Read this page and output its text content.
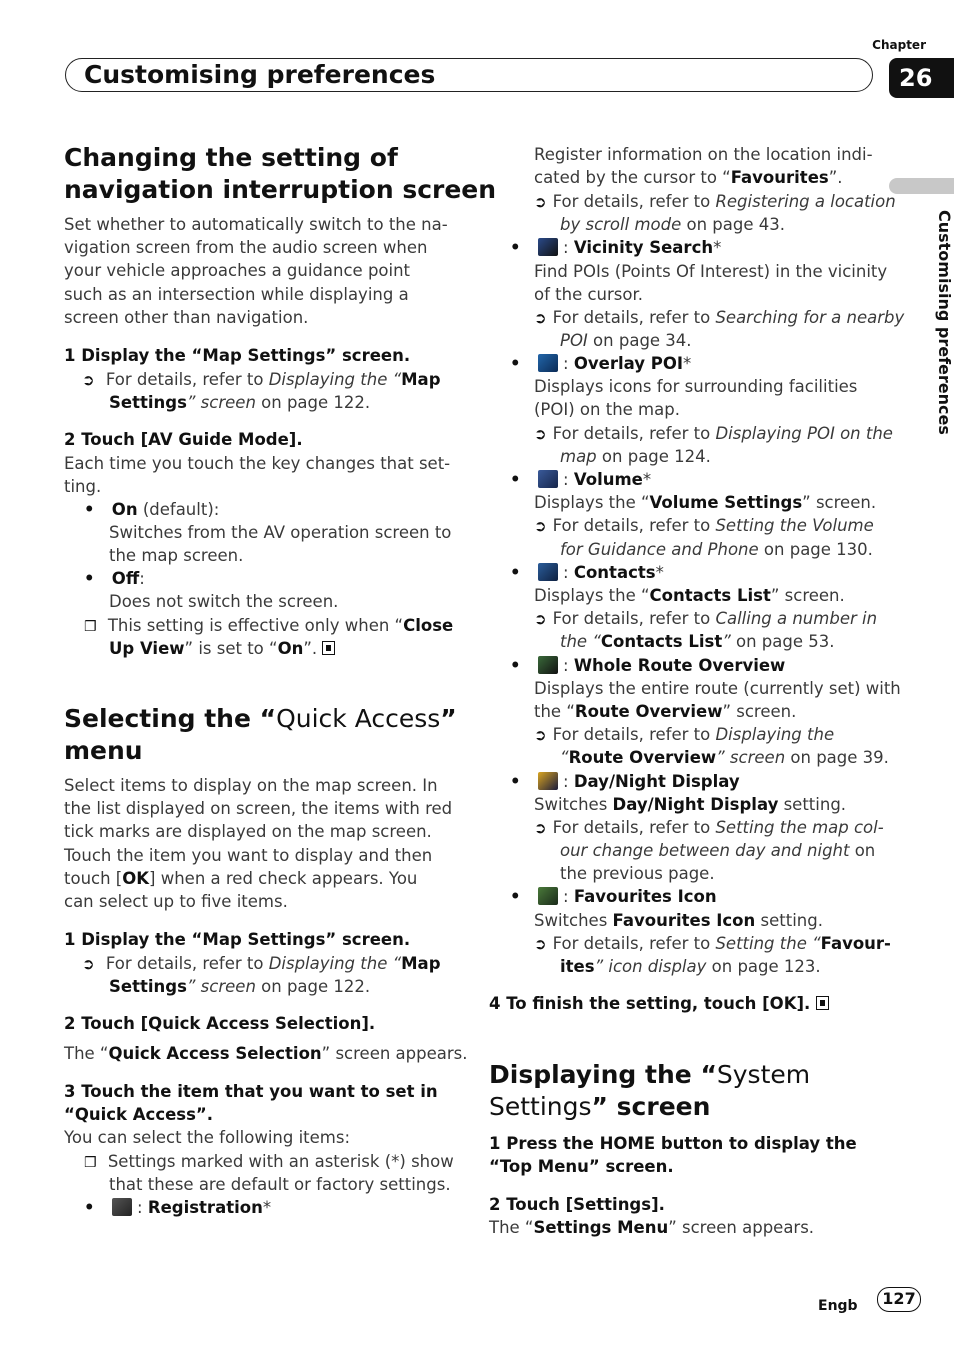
Chapter
26
Customising preferences
Customising preferences
Changing the setting of
navigation interruption screen
Set whether to automatically switch to the na-
vigation screen from the audio screen when
your vehicle approaches a guidance point
such as an intersection while displaying a
screen other than navigation.
1 Display the “Map Settings” screen.
➲ For details, refer to Displaying the “Map
Settings” screen on page 122.
2 Touch [AV Guide Mode].
Each time you touch the key changes that set-
ting.
• On (default):
Switches from the AV operation screen to
the map screen.
• Off:
Does not switch the screen.
❒ This setting is effective only when “Close
Up View” is set to “On”.
Selecting the “Quick Access”
menu
Select items to display on the map screen. In
the list displayed on screen, the items with red
tick marks are displayed on the map screen.
Touch the item you want to display and then
touch [OK] when a red check appears. You
can select up to five items.
1 Display the “Map Settings” screen.
➲ For details, refer to Displaying the “Map
Settings” screen on page 122.
2 Touch [Quick Access Selection].
The “Quick Access Selection” screen appears.
3 Touch the item that you want to set in
“Quick Access”.
You can select the following items:
❒ Settings marked with an asterisk (*) show
that these are default or factory settings.
•  : Registration*
Register information on the location indi-
cated by the cursor to “Favourites”.
➲ For details, refer to Registering a location
by scroll mode on page 43.
•  : Vicinity Search*
Find POIs (Points Of Interest) in the vicinity
of the cursor.
➲ For details, refer to Searching for a nearby
POI on page 34.
•  : Overlay POI*
Displays icons for surrounding facilities
(POI) on the map.
➲ For details, refer to Displaying POI on the
map on page 124.
•  : Volume*
Displays the “Volume Settings” screen.
➲ For details, refer to Setting the Volume
for Guidance and Phone on page 130.
•  : Contacts*
Displays the “Contacts List” screen.
➲ For details, refer to Calling a number in
the “Contacts List” on page 53.
•  : Whole Route Overview
Displays the entire route (currently set) with
the “Route Overview” screen.
➲ For details, refer to Displaying the
“Route Overview” screen on page 39.
•  : Day/Night Display
Switches Day/Night Display setting.
➲ For details, refer to Setting the map col-
our change between day and night on
the previous page.
•  : Favourites Icon
Switches Favourites Icon setting.
➲ For details, refer to Setting the “Favour-
ites” icon display on page 123.
4 To finish the setting, touch [OK].
Displaying the “System
Settings” screen
1 Press the HOME button to display the
“Top Menu” screen.
2 Touch [Settings].
The “Settings Menu” screen appears.
Engb	127
